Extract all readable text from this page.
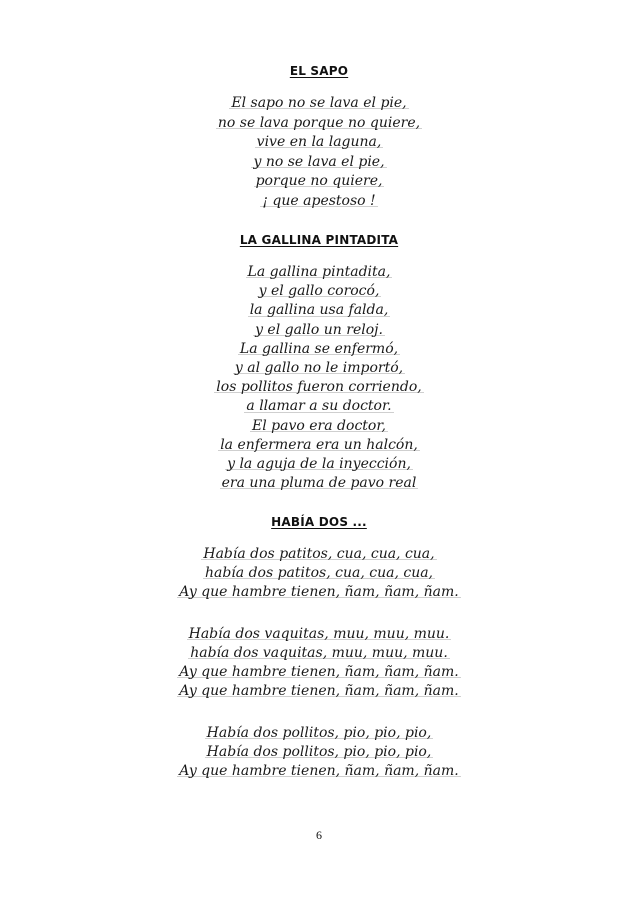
EL SAPO
El sapo no se lava el pie,
no se lava porque no quiere,
vive en la laguna,
y no se lava el pie,
porque no quiere,
¡ que apestoso !
LA GALLINA PINTADITA
La gallina pintadita,
y el gallo corocó,
la gallina usa falda,
y el gallo un reloj.
La gallina se enfermó,
y al gallo no le importó,
los pollitos fueron corriendo,
a llamar a su doctor.
El pavo era doctor,
la enfermera era un halcón,
y la aguja de la inyección,
era una pluma de pavo real
HABÍA DOS ...
Había dos patitos, cua, cua, cua,
había dos patitos, cua, cua, cua,
Ay que hambre tienen, ñam, ñam, ñam.
Había dos vaquitas, muu, muu, muu.
había dos vaquitas, muu, muu, muu.
Ay que hambre tienen, ñam, ñam, ñam.
Ay que hambre tienen, ñam, ñam, ñam.
Había dos pollitos, pio, pio, pio,
Había dos pollitos, pio, pio, pio,
Ay que hambre tienen, ñam, ñam, ñam.
6
